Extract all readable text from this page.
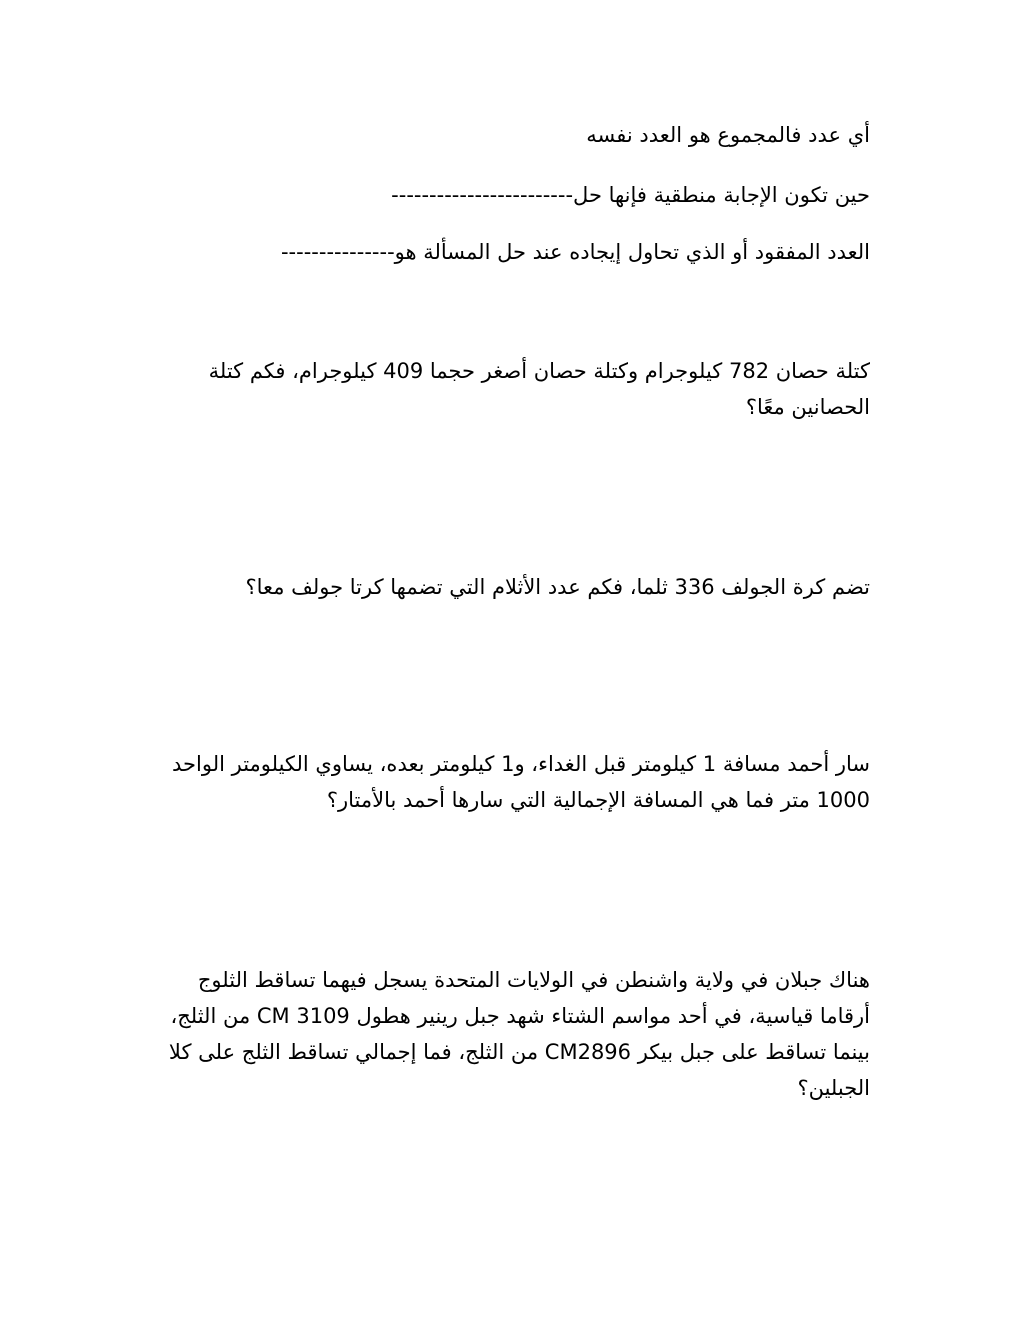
أي عدد فالمجموع هو العدد نفسه
حين تكون الإجابة منطقية فإنها حل------------------------
العدد المفقود أو الذي تحاول إيجاده عند حل المسألة هو---------------
كتلة حصان 782 كيلوجرام وكتلة حصان أصغر حجما 409 كيلوجرام، فكم كتلة الحصانين معًا؟
تضم كرة الجولف 336 ثلما، فكم عدد الأثلام التي تضمها كرتا جولف معا؟
سار أحمد مسافة 1 كيلومتر قبل الغداء، و1 كيلومتر بعده، يساوي الكيلومتر الواحد 1000 متر فما هي المسافة الإجمالية التي سارها أحمد بالأمتار؟
هناك جبلان في ولاية واشنطن في الولايات المتحدة يسجل فيهما تساقط الثلوج أرقاما قياسية، في أحد مواسم الشتاء شهد جبل رينير هطول CM 3109 من الثلج، بينما تساقط على جبل بيكر CM2896 من الثلج، فما إجمالي تساقط الثلج على كلا الجبلين؟
